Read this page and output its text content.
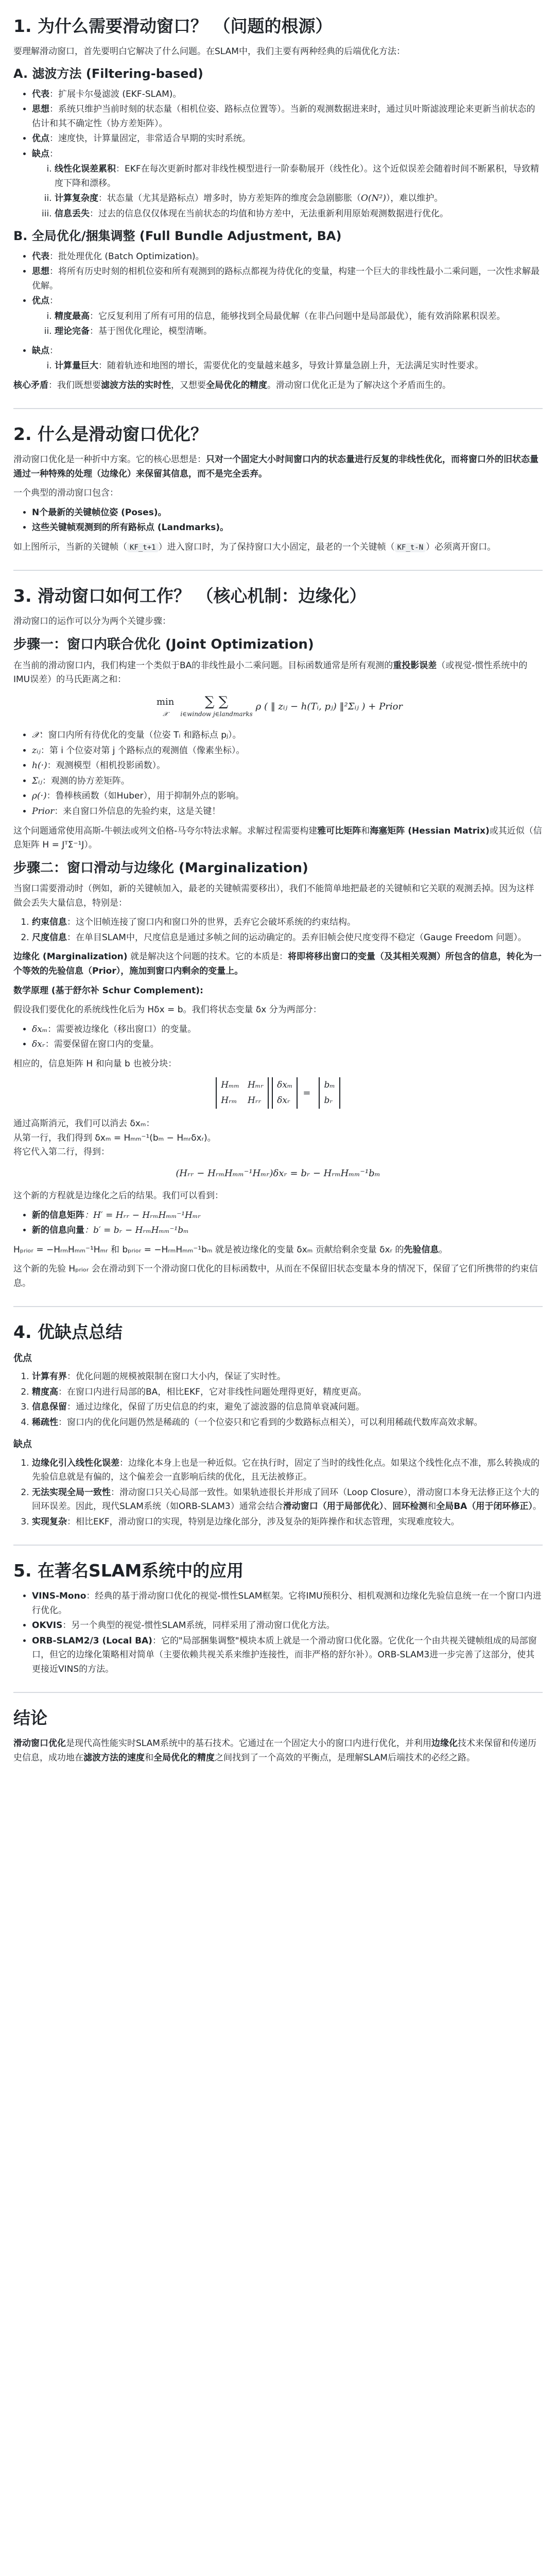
1. 为什么需要滑动窗口？ （问题的根源）

要理解滑动窗口，首先要明白它解决了什么问题。在SLAM中，我们主要有两种经典的后端优化方法：

A. 滤波方法 (Filtering-based)
• 代表：扩展卡尔曼滤波 (EKF-SLAM)。
• 思想：系统只维护当前时刻的状态量（相机位姿、路标点位置等）。当新的观测数据进来时，通过贝叶斯滤波理论来更新当前状态的估计和其不确定性（协方差矩阵）。
• 优点：速度快，计算量固定，非常适合早期的实时系统。
• 缺点：
i. 线性化误差累积：EKF在每次更新时都对非线性模型进行一阶泰勒展开（线性化）。这个近似误差会随着时间不断累积，导致精度下降和漂移。
ii. 计算复杂度：状态量（尤其是路标点）增多时，协方差矩阵的维度会急剧膨胀（O(N²)），难以维护。
iii. 信息丢失：过去的信息仅仅体现在当前状态的均值和协方差中，无法重新利用原始观测数据进行优化。
B. 全局优化/捆集调整 (Full Bundle Adjustment, BA)
• 代表：批处理优化 (Batch Optimization)。
• 思想：将所有历史时刻的相机位姿和所有观测到的路标点都视为待优化的变量，构建一个巨大的非线性最小二乘问题，一次性求解最优解。
• 优点：
i. 精度最高：它反复利用了所有可用的信息，能够找到全局最优解（在非凸问题中是局部最优），能有效消除累积误差。
ii. 理论完备：基于图优化理论，模型清晰。
• 缺点：
i. 计算量巨大：随着轨迹和地图的增长，需要优化的变量越来越多，导致计算量急剧上升，无法满足实时性要求。

核心矛盾：我们既想要滤波方法的实时性，又想要全局优化的精度。滑动窗口优化正是为了解决这个矛盾而生的。

2. 什么是滑动窗口优化？

滑动窗口优化是一种折中方案。它的核心思想是：只对一个固定大小时间窗口内的状态量进行反复的非线性优化，而将窗口外的旧状态量通过一种特殊的处理（边缘化）来保留其信息，而不是完全丢弃。

一个典型的滑动窗口包含：

• N个最新的关键帧位姿 (Poses)。
• 这些关键帧观测到的所有路标点 (Landmarks)。

如上图所示，当新的关键帧（ KF_t+1 ）进入窗口时，为了保持窗口大小固定，最老的一个关键帧（ KF_t-N ）必须离开窗口。

3. 滑动窗口如何工作？ （核心机制：边缘化）

滑动窗口的运作可以分为两个关键步骤：

步骤一：窗口内联合优化 (Joint Optimization)

在当前的滑动窗口内，我们构建一个类似于BA的非线性最小二乘问题。目标函数通常是所有观测的重投影误差（或视觉-惯性系统中的IMU误差）的马氏距离之和：

min
𝒳
∑ ∑
i∈window j∈landmarks
ρ ( ‖ zᵢⱼ − h(Tᵢ, pⱼ) ‖²Σᵢⱼ ) + Prior
• 𝒳：窗口内所有待优化的变量（位姿 Tᵢ 和路标点 pⱼ）。
• zᵢⱼ：第 i 个位姿对第 j 个路标点的观测值（像素坐标）。
• h(·)：观测模型（相机投影函数）。
• Σᵢⱼ：观测的协方差矩阵。
• ρ(·)：鲁棒核函数（如Huber），用于抑制外点的影响。
• Prior：来自窗口外信息的先验约束，这是关键！

这个问题通常使用高斯-牛顿法或列文伯格-马夸尔特法求解。求解过程需要构建雅可比矩阵和海塞矩阵 (Hessian Matrix)或其近似（信息矩阵 H = JᵀΣ⁻¹J）。

步骤二：窗口滑动与边缘化 (Marginalization)

当窗口需要滑动时（例如，新的关键帧加入，最老的关键帧需要移出），我们不能简单地把最老的关键帧和它关联的观测丢掉。因为这样做会丢失大量信息，特别是：

1. 约束信息：这个旧帧连接了窗口内和窗口外的世界，丢弃它会破坏系统的约束结构。
2. 尺度信息：在单目SLAM中，尺度信息是通过多帧之间的运动确定的。丢弃旧帧会使尺度变得不稳定（Gauge Freedom 问题）。

边缘化 (Marginalization) 就是解决这个问题的技术。它的本质是：将即将移出窗口的变量（及其相关观测）所包含的信息，转化为一个等效的先验信息（Prior），施加到窗口内剩余的变量上。

数学原理 (基于舒尔补 Schur Complement):

假设我们要优化的系统线性化后为 Hδx = b。我们将状态变量 δx 分为两部分：

• δxₘ：需要被边缘化（移出窗口）的变量。
• δxᵣ：需要保留在窗口内的变量。

相应的，信息矩阵 H 和向量 b 也被分块：

Hₘₘ Hₘᵣ
Hᵣₘ Hᵣᵣ
δxₘ
δxᵣ
=
bₘ
bᵣ

通过高斯消元，我们可以消去 δxₘ：

从第一行，我们得到 δxₘ = Hₘₘ⁻¹(bₘ − Hₘᵣδxᵣ)。

将它代入第二行，得到：

(Hᵣᵣ − HᵣₘHₘₘ⁻¹Hₘᵣ)δxᵣ = bᵣ − HᵣₘHₘₘ⁻¹bₘ

这个新的方程就是边缘化之后的结果。我们可以看到：

• 新的信息矩阵：H′ = Hᵣᵣ − HᵣₘHₘₘ⁻¹Hₘᵣ
• 新的信息向量：b′ = bᵣ − HᵣₘHₘₘ⁻¹bₘ

Hₚᵣᵢₒᵣ = −HᵣₘHₘₘ⁻¹Hₘᵣ 和 bₚᵣᵢₒᵣ = −HᵣₘHₘₘ⁻¹bₘ 就是被边缘化的变量 δxₘ 贡献给剩余变量 δxᵣ 的先验信息。

这个新的先验 Hₚᵣᵢₒᵣ 会在滑动到下一个滑动窗口优化的目标函数中，从而在不保留旧状态变量本身的情况下，保留了它们所携带的约束信息。

4. 优缺点总结
优点
1. 计算有界：优化问题的规模被限制在窗口大小内，保证了实时性。
2. 精度高：在窗口内进行局部的BA，相比EKF，它对非线性问题处理得更好，精度更高。
3. 信息保留：通过边缘化，保留了历史信息的约束，避免了滤波器的信息简单衰减问题。
4. 稀疏性：窗口内的优化问题仍然是稀疏的（一个位姿只和它看到的少数路标点相关），可以利用稀疏代数库高效求解。
缺点
1. 边缘化引入线性化误差：边缘化本身上也是一种近似。它在执行时，固定了当时的线性化点。如果这个线性化点不准，那么转换成的先验信息就是有偏的，这个偏差会一直影响后续的优化，且无法被修正。
2. 无法实现全局一致性：滑动窗口只关心局部一致性。如果轨迹很长并形成了回环（Loop Closure），滑动窗口本身无法修正这个大的回环误差。因此，现代SLAM系统（如ORB-SLAM3）通常会结合滑动窗口（用于局部优化）、回环检测和全局BA（用于闭环修正）。
3. 实现复杂：相比EKF，滑动窗口的实现，特别是边缘化部分，涉及复杂的矩阵操作和状态管理，实现难度较大。
5. 在著名SLAM系统中的应用
• VINS-Mono：经典的基于滑动窗口优化的视觉-惯性SLAM框架。它将IMU预积分、相机观测和边缘化先验信息统一在一个窗口内进行优化。
• OKVIS：另一个典型的视觉-惯性SLAM系统，同样采用了滑动窗口优化方法。
• ORB-SLAM2/3 (Local BA)：它的"局部捆集调整"模块本质上就是一个滑动窗口优化器。它优化一个由共视关键帧组成的局部窗口，但它的边缘化策略相对简单（主要依赖共视关系来维护连接性，而非严格的舒尔补）。ORB-SLAM3进一步完善了这部分，使其更接近VINS的方法。
结论

滑动窗口优化是现代高性能实时SLAM系统中的基石技术。它通过在一个固定大小的窗口内进行优化，并利用边缘化技术来保留和传递历史信息，成功地在滤波方法的速度和全局优化的精度之间找到了一个高效的平衡点，是理解SLAM后端技术的必经之路。
